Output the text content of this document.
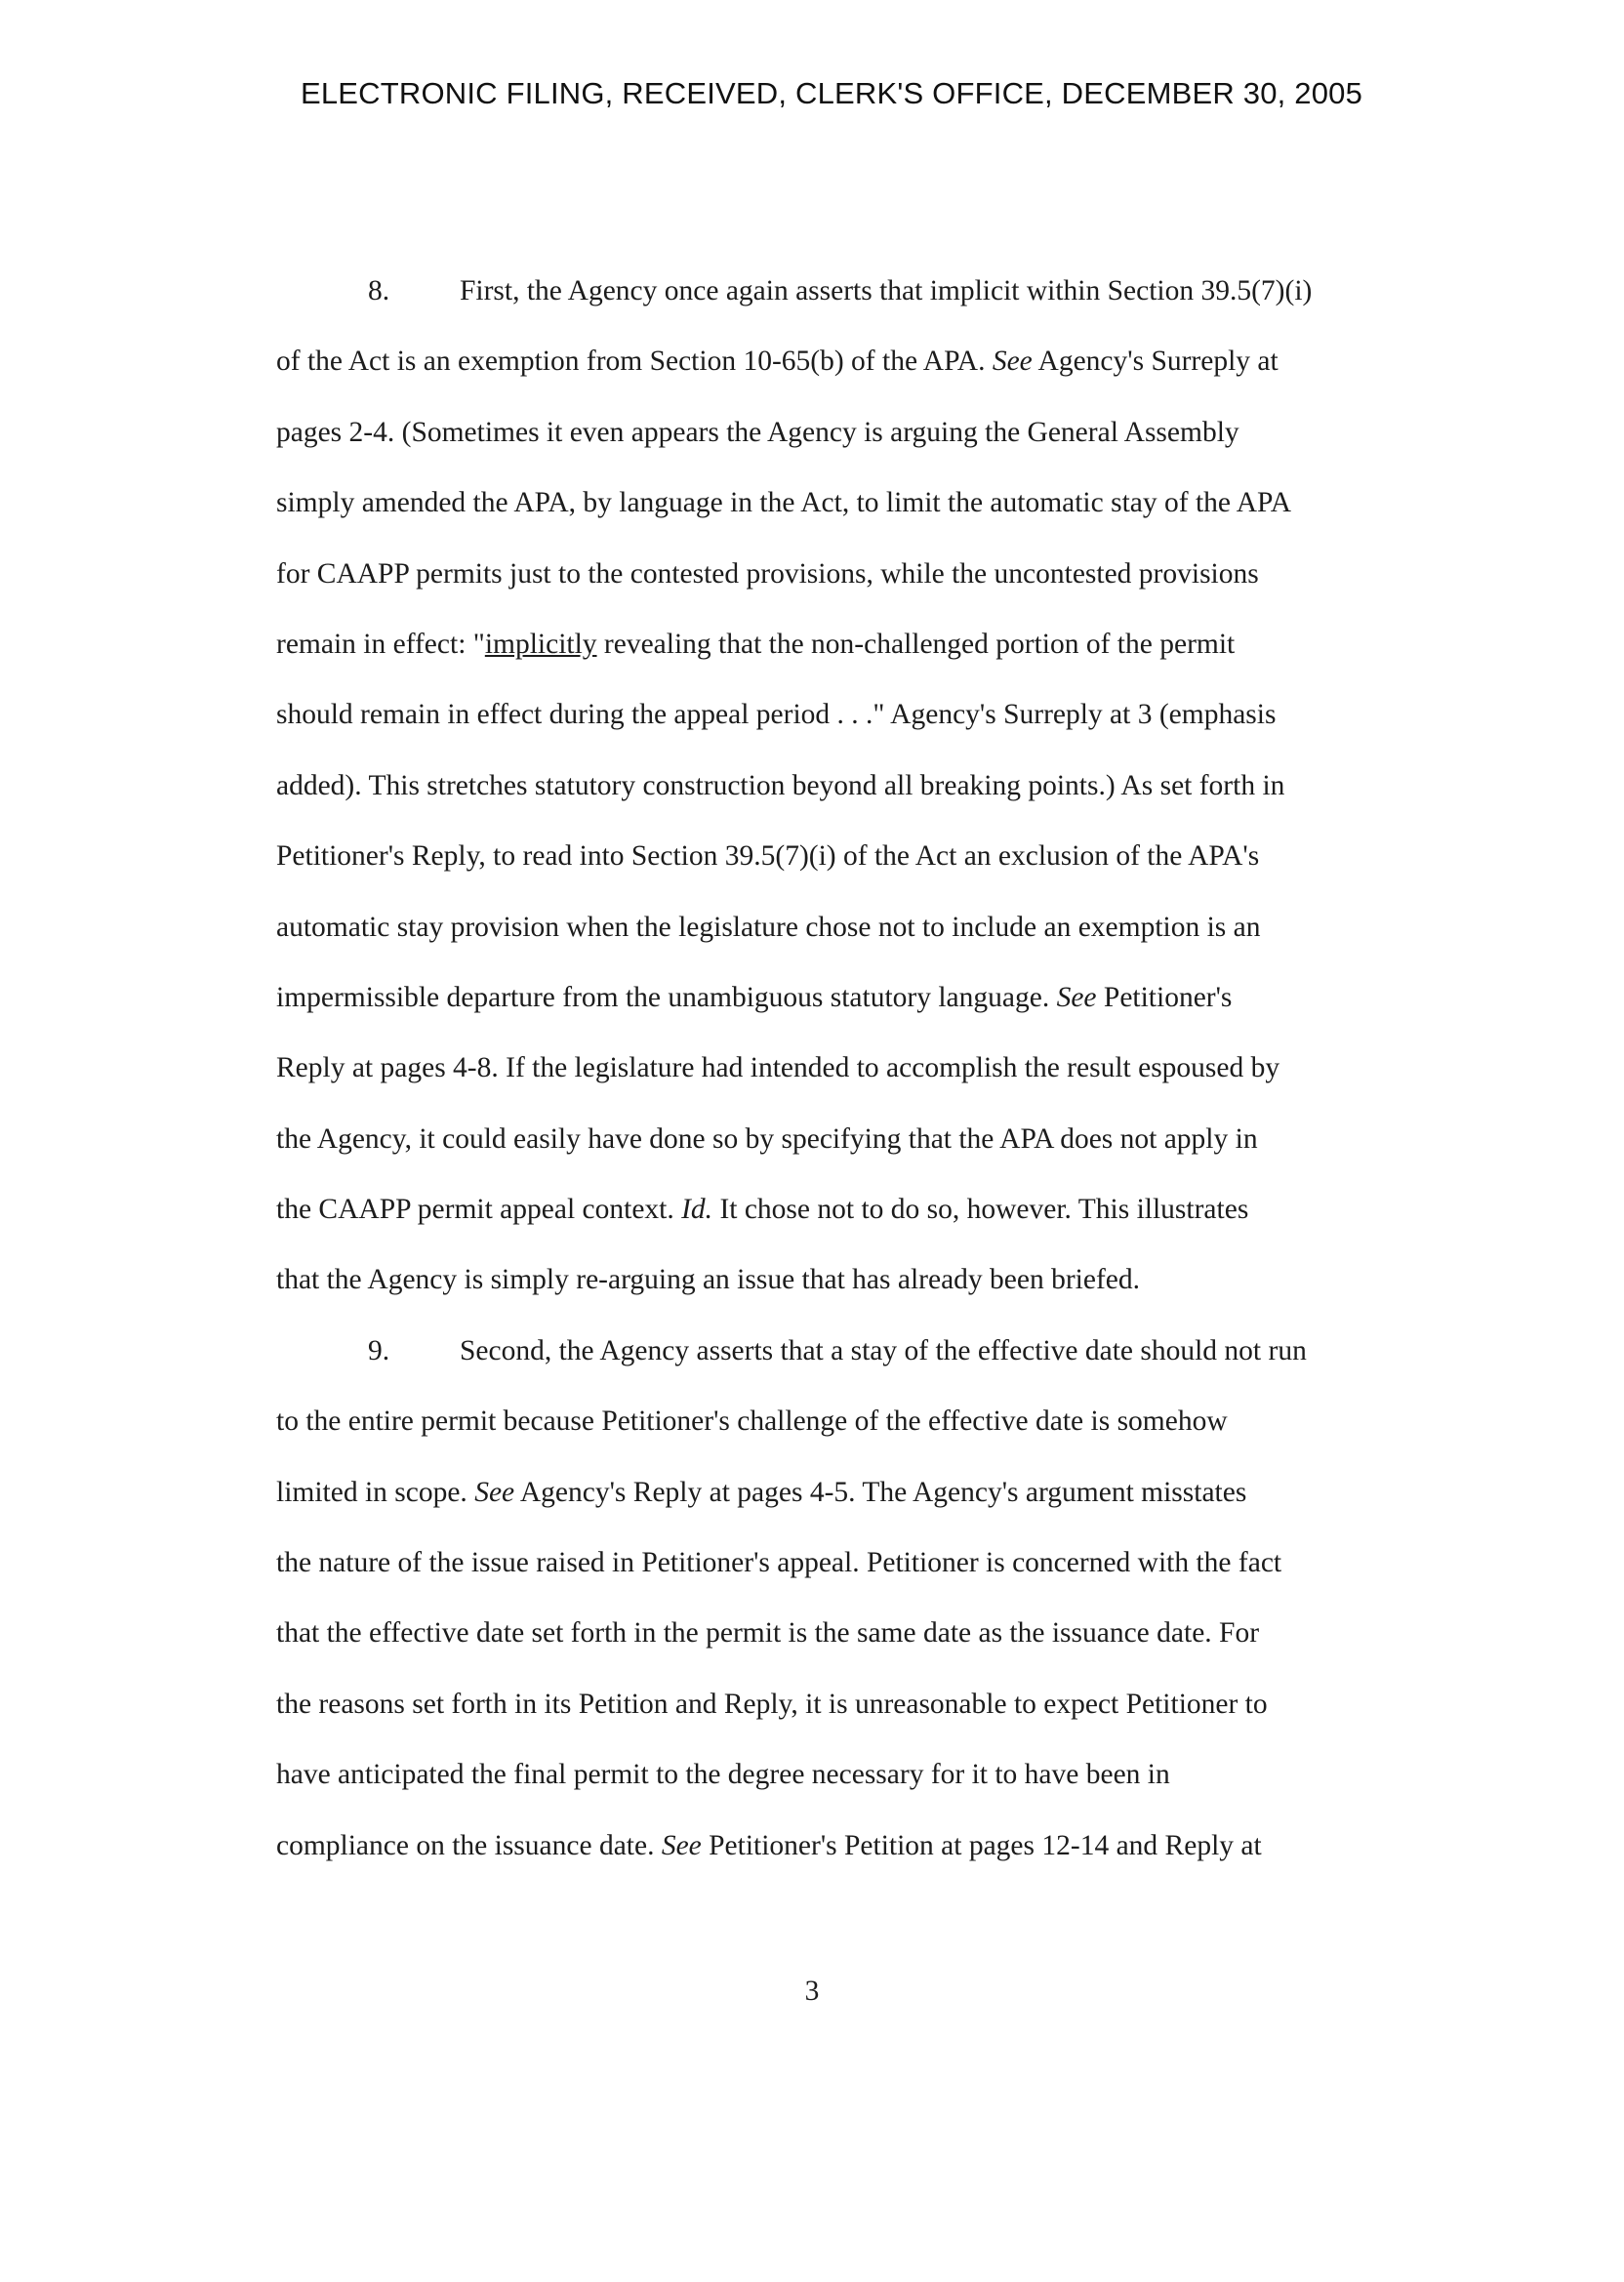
ELECTRONIC FILING, RECEIVED, CLERK'S OFFICE, DECEMBER 30, 2005
8. First, the Agency once again asserts that implicit within Section 39.5(7)(i)
of the Act is an exemption from Section 10-65(b) of the APA. See Agency's Surreply at
pages 2-4. (Sometimes it even appears the Agency is arguing the General Assembly
simply amended the APA, by language in the Act, to limit the automatic stay of the APA
for CAAPP permits just to the contested provisions, while the uncontested provisions
remain in effect: "implicitly revealing that the non-challenged portion of the permit
should remain in effect during the appeal period . . ." Agency's Surreply at 3 (emphasis
added). This stretches statutory construction beyond all breaking points.) As set forth in
Petitioner's Reply, to read into Section 39.5(7)(i) of the Act an exclusion of the APA's
automatic stay provision when the legislature chose not to include an exemption is an
impermissible departure from the unambiguous statutory language. See Petitioner's
Reply at pages 4-8. If the legislature had intended to accomplish the result espoused by
the Agency, it could easily have done so by specifying that the APA does not apply in
the CAAPP permit appeal context. Id. It chose not to do so, however. This illustrates
that the Agency is simply re-arguing an issue that has already been briefed.
9. Second, the Agency asserts that a stay of the effective date should not run
to the entire permit because Petitioner's challenge of the effective date is somehow
limited in scope. See Agency's Reply at pages 4-5. The Agency's argument misstates
the nature of the issue raised in Petitioner's appeal. Petitioner is concerned with the fact
that the effective date set forth in the permit is the same date as the issuance date. For
the reasons set forth in its Petition and Reply, it is unreasonable to expect Petitioner to
have anticipated the final permit to the degree necessary for it to have been in
compliance on the issuance date. See Petitioner's Petition at pages 12-14 and Reply at
3
